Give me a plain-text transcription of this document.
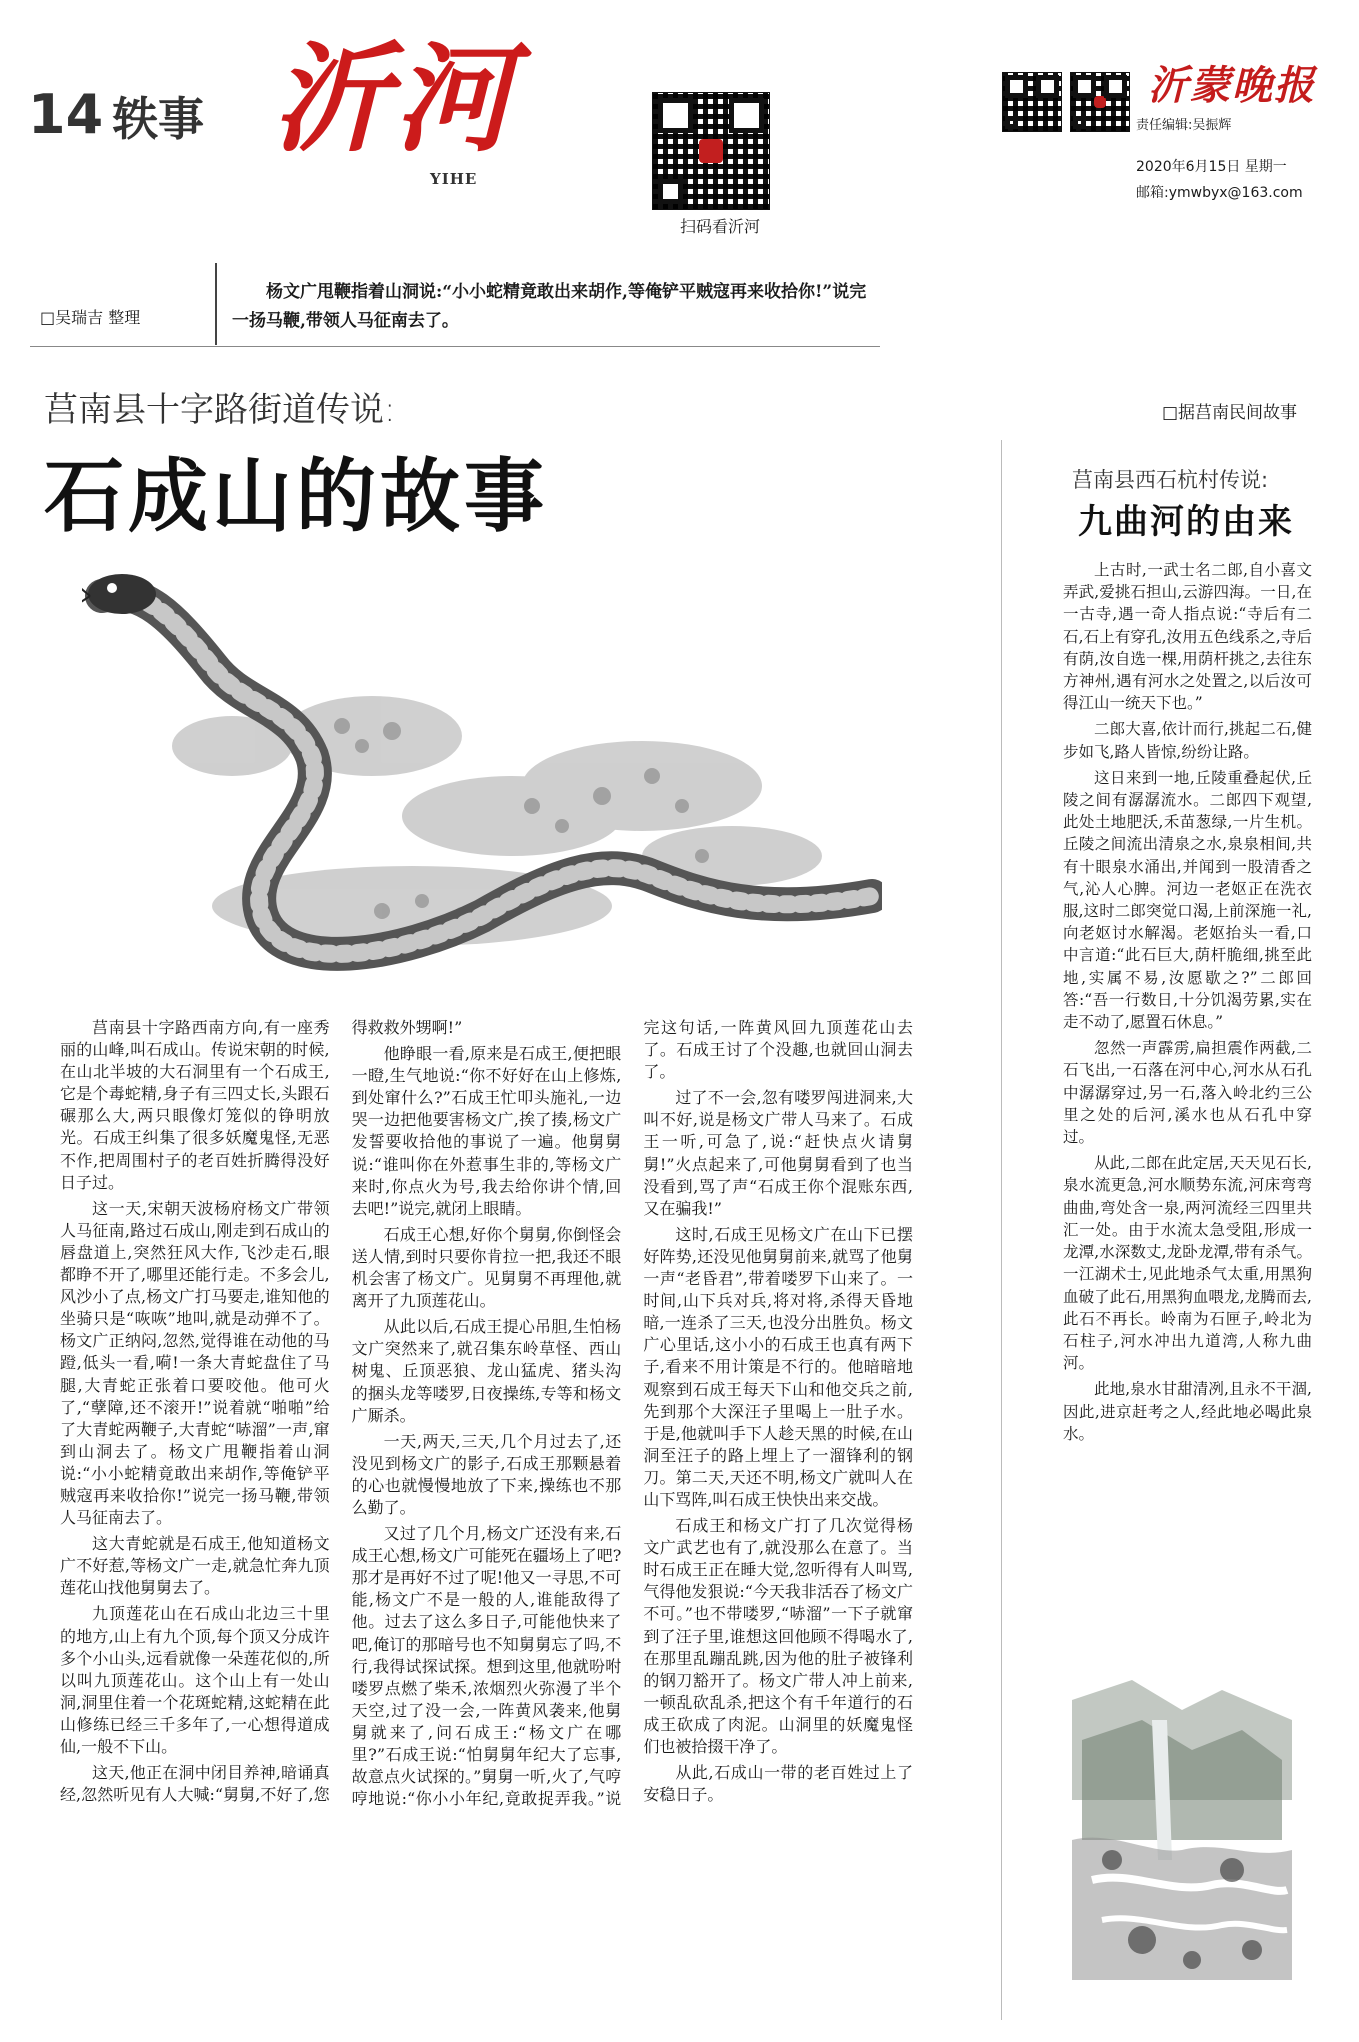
14 轶事 沂河
YIHE
扫码看沂河
沂蒙晚报
责任编辑:吴振辉
2020年6月15日 星期一
邮箱:ymwbyx@163.com
□吴瑞吉 整理
杨文广甩鞭指着山洞说:“小小蛇精竟敢出来胡作,等俺铲平贼寇再来收拾你!”说完一扬马鞭,带领人马征南去了。
莒南县十字路街道传说:
石成山的故事
□据莒南民间故事

莒南县十字路西南方向,有一座秀丽的山峰,叫石成山。传说宋朝的时候,在山北半坡的大石洞里有一个石成王,它是个毒蛇精,身子有三四丈长,头跟石碾那么大,两只眼像灯笼似的铮明放光。石成王纠集了很多妖魔鬼怪,无恶不作,把周围村子的老百姓折腾得没好日子过。

这一天,宋朝天波杨府杨文广带领人马征南,路过石成山,刚走到石成山的唇盘道上,突然狂风大作,飞沙走石,眼都睁不开了,哪里还能行走。不多会儿,风沙小了点,杨文广打马要走,谁知他的坐骑只是“咴咴”地叫,就是动弹不了。杨文广正纳闷,忽然,觉得谁在动他的马蹬,低头一看,嗬!一条大青蛇盘住了马腿,大青蛇正张着口要咬他。他可火了,“孽障,还不滚开!”说着就“啪啪”给了大青蛇两鞭子,大青蛇“哧溜”一声,窜到山洞去了。杨文广甩鞭指着山洞说:“小小蛇精竟敢出来胡作,等俺铲平贼寇再来收拾你!”说完一扬马鞭,带领人马征南去了。

这大青蛇就是石成王,他知道杨文广不好惹,等杨文广一走,就急忙奔九顶莲花山找他舅舅去了。

九顶莲花山在石成山北边三十里的地方,山上有九个顶,每个顶又分成许多个小山头,远看就像一朵莲花似的,所以叫九顶莲花山。这个山上有一处山洞,洞里住着一个花斑蛇精,这蛇精在此山修练已经三千多年了,一心想得道成仙,一般不下山。

这天,他正在洞中闭目养神,暗诵真经,忽然听见有人大喊:“舅舅,不好了,您得救救外甥啊!”

他睁眼一看,原来是石成王,便把眼一瞪,生气地说:“你不好好在山上修炼,到处窜什么?”石成王忙叩头施礼,一边哭一边把他要害杨文广,挨了揍,杨文广发誓要收拾他的事说了一遍。他舅舅说:“谁叫你在外惹事生非的,等杨文广来时,你点火为号,我去给你讲个情,回去吧!”说完,就闭上眼睛。

石成王心想,好你个舅舅,你倒怪会送人情,到时只要你肯拉一把,我还不眼机会害了杨文广。见舅舅不再理他,就离开了九顶莲花山。

从此以后,石成王提心吊胆,生怕杨文广突然来了,就召集东岭草怪、西山树鬼、丘顶恶狼、龙山猛虎、猪头沟的捆头龙等喽罗,日夜操练,专等和杨文广厮杀。

一天,两天,三天,几个月过去了,还没见到杨文广的影子,石成王那颗悬着的心也就慢慢地放了下来,操练也不那么勤了。

又过了几个月,杨文广还没有来,石成王心想,杨文广可能死在疆场上了吧?那才是再好不过了呢!他又一寻思,不可能,杨文广不是一般的人,谁能敌得了他。过去了这么多日子,可能他快来了吧,俺订的那暗号也不知舅舅忘了吗,不行,我得试探试探。想到这里,他就吩咐喽罗点燃了柴禾,浓烟烈火弥漫了半个天空,过了没一会,一阵黄风袭来,他舅舅就来了,问石成王:“杨文广在哪里?”石成王说:“怕舅舅年纪大了忘事,故意点火试探的。”舅舅一听,火了,气哼哼地说:“你小小年纪,竟敢捉弄我。”说完这句话,一阵黄风回九顶莲花山去了。石成王讨了个没趣,也就回山洞去了。

过了不一会,忽有喽罗闯进洞来,大叫不好,说是杨文广带人马来了。石成王一听,可急了,说:“赶快点火请舅舅!”火点起来了,可他舅舅看到了也当没看到,骂了声“石成王你个混账东西,又在骗我!”

这时,石成王见杨文广在山下已摆好阵势,还没见他舅舅前来,就骂了他舅一声“老昏君”,带着喽罗下山来了。一时间,山下兵对兵,将对将,杀得天昏地暗,一连杀了三天,也没分出胜负。杨文广心里话,这小小的石成王也真有两下子,看来不用计策是不行的。他暗暗地观察到石成王每天下山和他交兵之前,先到那个大深汪子里喝上一肚子水。于是,他就叫手下人趁天黑的时候,在山洞至汪子的路上埋上了一溜锋利的钢刀。第二天,天还不明,杨文广就叫人在山下骂阵,叫石成王快快出来交战。

石成王和杨文广打了几次觉得杨文广武艺也有了,就没那么在意了。当时石成王正在睡大觉,忽听得有人叫骂,气得他发狠说:“今天我非活吞了杨文广不可。”也不带喽罗,“哧溜”一下子就窜到了汪子里,谁想这回他顾不得喝水了,在那里乱蹦乱跳,因为他的肚子被锋利的钢刀豁开了。杨文广带人冲上前来,一顿乱砍乱杀,把这个有千年道行的石成王砍成了肉泥。山洞里的妖魔鬼怪们也被拾掇干净了。

从此,石成山一带的老百姓过上了安稳日子。

莒南县西石杭村传说:
九曲河的由来

上古时,一武士名二郎,自小喜文弄武,爱挑石担山,云游四海。一日,在一古寺,遇一奇人指点说:“寺后有二石,石上有穿孔,汝用五色线系之,寺后有荫,汝自选一棵,用荫杆挑之,去往东方神州,遇有河水之处置之,以后汝可得江山一统天下也。”

二郎大喜,依计而行,挑起二石,健步如飞,路人皆惊,纷纷让路。

这日来到一地,丘陵重叠起伏,丘陵之间有潺潺流水。二郎四下观望,此处土地肥沃,禾苗葱绿,一片生机。丘陵之间流出清泉之水,泉泉相间,共有十眼泉水涌出,并闻到一股清香之气,沁人心脾。河边一老妪正在洗衣服,这时二郎突觉口渴,上前深施一礼,向老妪讨水解渴。老妪抬头一看,口中言道:“此石巨大,荫杆脆细,挑至此地,实属不易,汝愿歇之?”二郎回答:“吾一行数日,十分饥渴劳累,实在走不动了,愿置石休息。”

忽然一声霹雳,扁担震作两截,二石飞出,一石落在河中心,河水从石孔中潺潺穿过,另一石,落入岭北约三公里之处的后河,溪水也从石孔中穿过。

从此,二郎在此定居,天天见石长,泉水流更急,河水顺势东流,河床弯弯曲曲,弯处含一泉,两河流经三四里共汇一处。由于水流太急受阻,形成一龙潭,水深数丈,龙卧龙潭,带有杀气。一江湖术士,见此地杀气太重,用黑狗血破了此石,用黑狗血喂龙,龙腾而去,此石不再长。岭南为石匣子,岭北为石柱子,河水冲出九道湾,人称九曲河。

此地,泉水甘甜清冽,且永不干涸,因此,进京赶考之人,经此地必喝此泉水。
